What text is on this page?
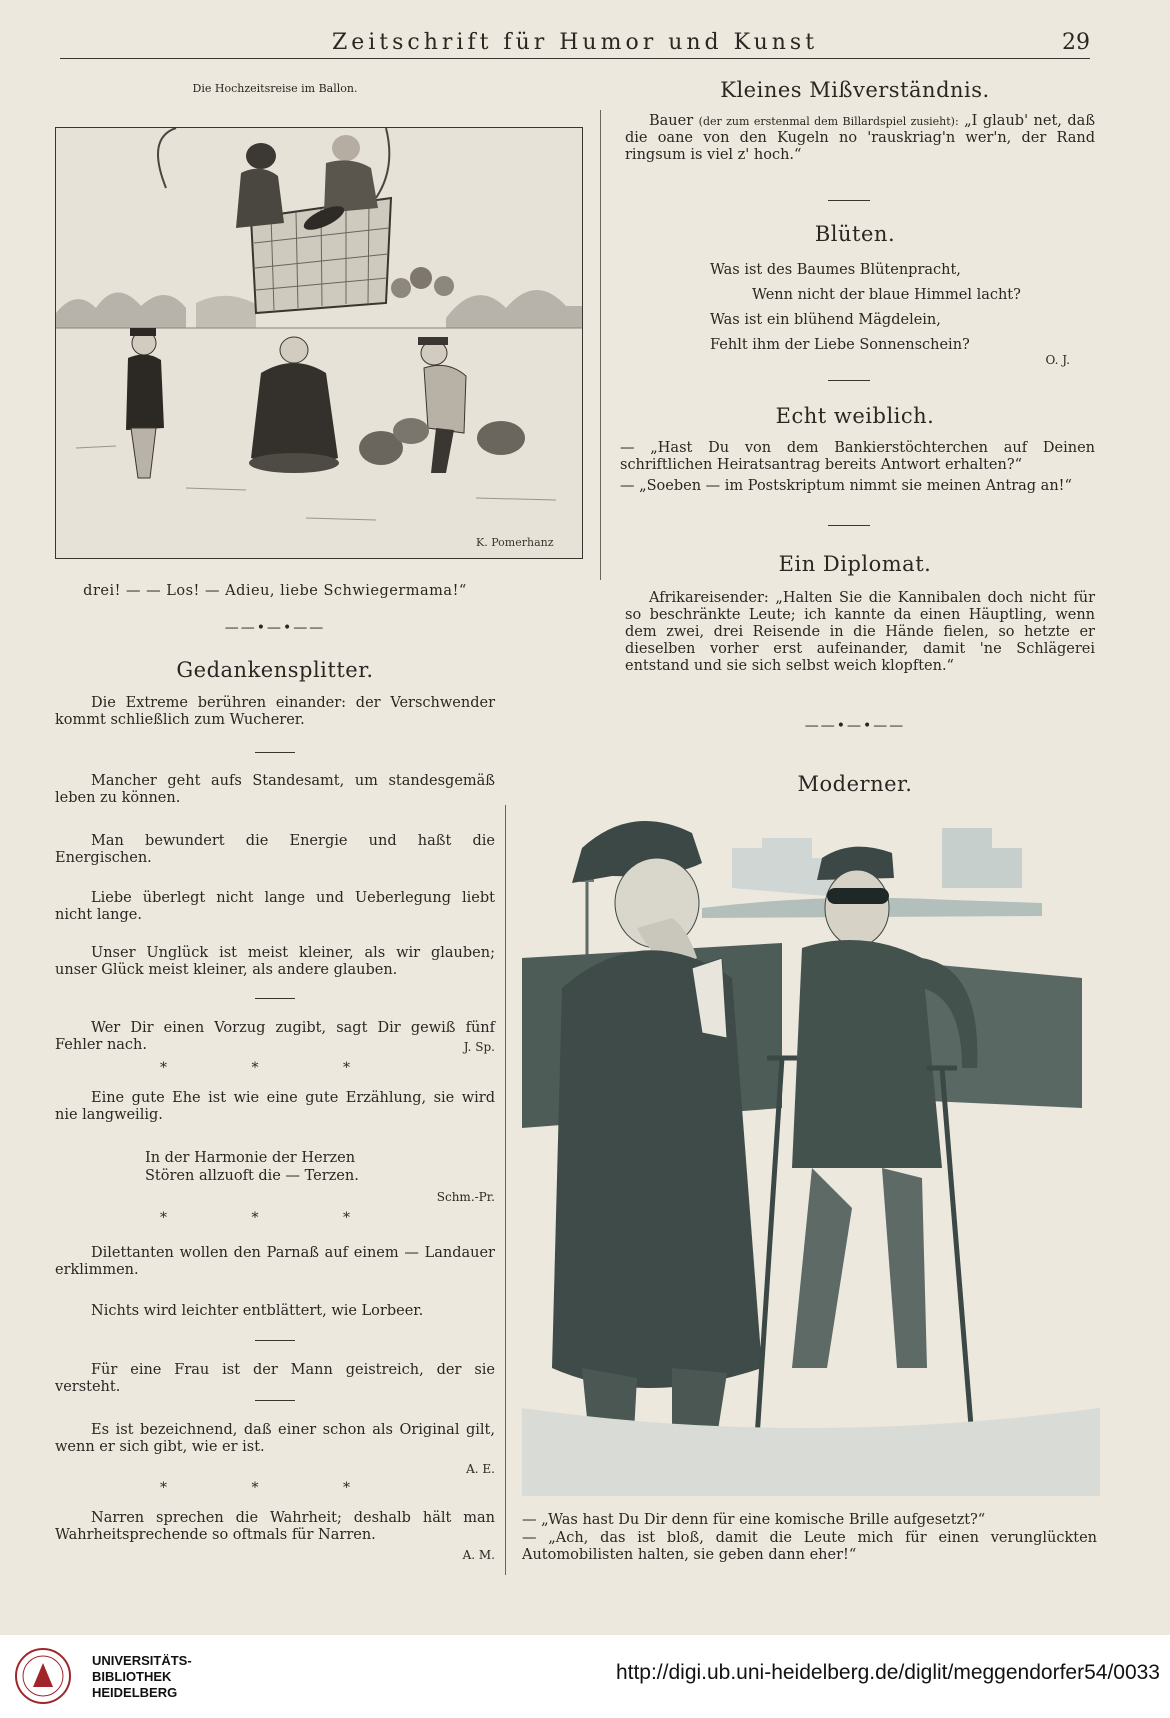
Zeitschrift für Humor und Kunst	29
Die Hochzeitsreise im Ballon.
K. Pomerhanz
drei! — — Los! — Adieu, liebe Schwiegermama!“
——•—•——
Gedankensplitter.
Die Extreme berühren einander: der Verschwender kommt schließlich zum Wucherer.
Mancher geht aufs Standesamt, um standesgemäß leben zu können.
Man bewundert die Energie und haßt die Energischen.
Liebe überlegt nicht lange und Ueberlegung liebt nicht lange.
Unser Unglück ist meist kleiner, als wir glauben; unser Glück meist kleiner, als andere glauben.
Wer Dir einen Vorzug zugibt, sagt Dir gewiß fünf Fehler nach.	J. Sp.
* * *
Eine gute Ehe ist wie eine gute Erzählung, sie wird nie langweilig.
In der Harmonie der Herzen
Stören allzuoft die — Terzen.
Schm.-Pr.
* * *
Dilettanten wollen den Parnaß auf einem — Landauer erklimmen.
Nichts wird leichter entblättert, wie Lorbeer.
Für eine Frau ist der Mann geistreich, der sie versteht.
Es ist bezeichnend, daß einer schon als Original gilt, wenn er sich gibt, wie er ist.
A. E.
* * *
Narren sprechen die Wahrheit; deshalb hält man Wahrheitsprechende so oftmals für Narren.
A. M.
Kleines Mißverständnis.
Bauer (der zum erstenmal dem Billardspiel zusieht): „I glaub' net, daß die oane von den Kugeln no 'rauskriag'n wer'n, der Rand ringsum is viel z' hoch.“
Blüten.
Was ist des Baumes Blütenpracht,
Wenn nicht der blaue Himmel lacht?
Was ist ein blühend Mägdelein,
Fehlt ihm der Liebe Sonnenschein?
O. J.
Echt weiblich.
— „Hast Du von dem Bankierstöchterchen auf Deinen schriftlichen Heiratsantrag bereits Antwort erhalten?“
— „Soeben — im Postskriptum nimmt sie meinen Antrag an!“
Ein Diplomat.
Afrikareisender: „Halten Sie die Kannibalen doch nicht für so beschränkte Leute; ich kannte da einen Häuptling, wenn dem zwei, drei Reisende in die Hände fielen, so hetzte er dieselben vorher erst aufeinander, damit 'ne Schlägerei entstand und sie sich selbst weich klopften.“
——•—•——
Moderner.
— „Was hast Du Dir denn für eine komische Brille aufgesetzt?“
— „Ach, das ist bloß, damit die Leute mich für einen verunglückten Automobilisten halten, sie geben dann eher!“
UNIVERSITÄTS-
BIBLIOTHEK
HEIDELBERG
http://digi.ub.uni-heidelberg.de/diglit/meggendorfer54/0033
